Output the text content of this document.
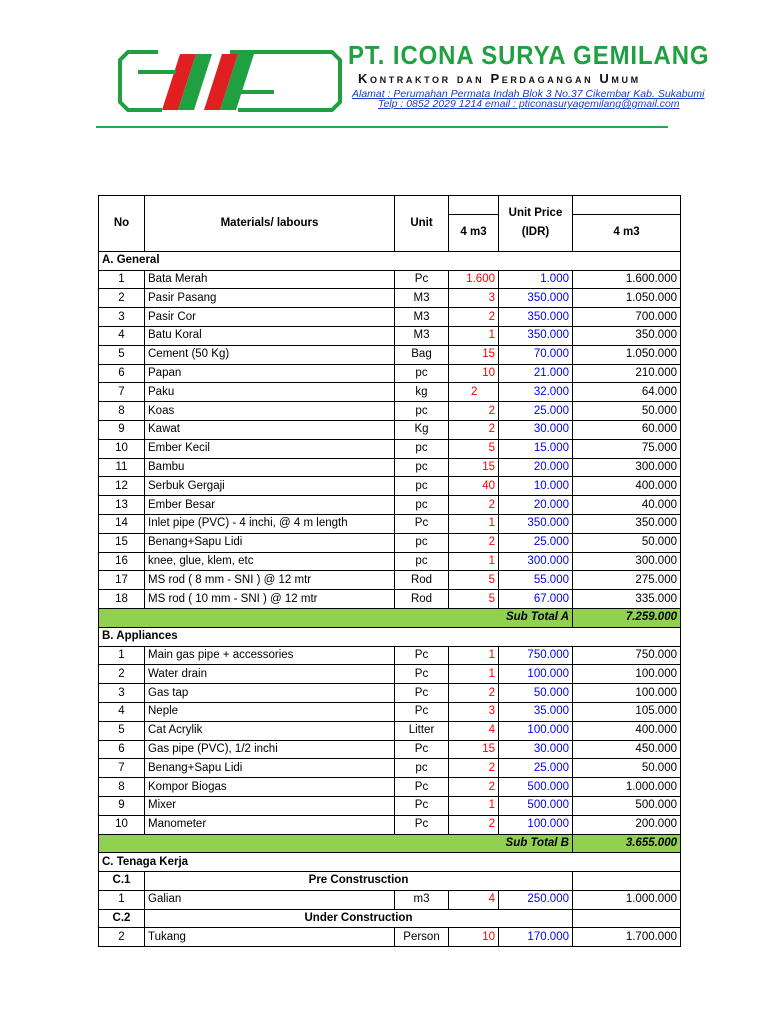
PT. ICONA SURYA GEMILANG
Kontraktor dan Perdagangan Umum
Alamat : Perumahan Permata Indah Blok 3 No.37 Cikembar Kab. Sukabumi
Telp : 0852 2029 1214 email : pticonasuryagemilang@gmail.com
No	Materials/ labours	Unit		Unit Price
(IDR)	
			4 m3		4 m3
A. General					
1	Bata Merah	Pc	1.600	1.000	1.600.000
2	Pasir Pasang	M3	3	350.000	1.050.000
3	Pasir Cor	M3	2	350.000	700.000
4	Batu Koral	M3	1	350.000	350.000
5	Cement (50 Kg)	Bag	15	70.000	1.050.000
6	Papan	pc	10	21.000	210.000
7	Paku	kg	2	32.000	64.000
8	Koas	pc	2	25.000	50.000
9	Kawat	Kg	2	30.000	60.000
10	Ember Kecil	pc	5	15.000	75.000
11	Bambu	pc	15	20.000	300.000
12	Serbuk Gergaji	pc	40	10.000	400.000
13	Ember Besar	pc	2	20.000	40.000
14	Inlet pipe (PVC) - 4 inchi, @ 4 m length	Pc	1	350.000	350.000
15	Benang+Sapu Lidi	pc	2	25.000	50.000
16	knee, glue, klem, etc	pc	1	300.000	300.000
17	MS rod ( 8 mm - SNI ) @ 12 mtr	Rod	5	55.000	275.000
18	MS rod ( 10 mm - SNI ) @ 12 mtr	Rod	5	67.000	335.000
Sub Total A					7.259.000
B. Appliances					
1	Main gas pipe + accessories	Pc	1	750.000	750.000
2	Water drain	Pc	1	100.000	100.000
3	Gas tap	Pc	2	50.000	100.000
4	Neple	Pc	3	35.000	105.000
5	Cat Acrylik	Litter	4	100.000	400.000
6	Gas pipe (PVC), 1/2 inchi	Pc	15	30.000	450.000
7	Benang+Sapu Lidi	pc	2	25.000	50.000
8	Kompor Biogas	Pc	2	500.000	1.000.000
9	Mixer	Pc	1	500.000	500.000
10	Manometer	Pc	2	100.000	200.000
Sub Total B					3.655.000
C. Tenaga Kerja					
C.1	Pre Construsction				
1	Galian	m3	4	250.000	1.000.000
C.2	Under Construction				
2	Tukang	Person	10	170.000	1.700.000
